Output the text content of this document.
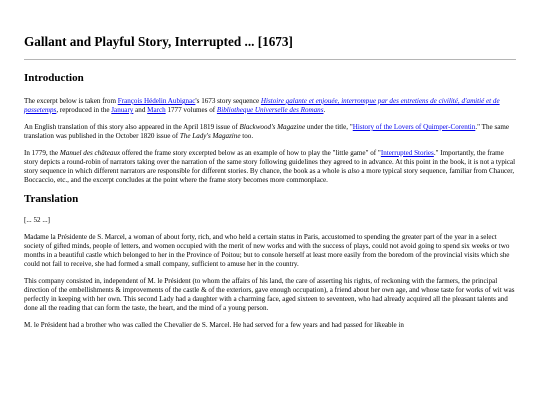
Gallant and Playful Story, Interrupted ... [1673]
Introduction

The excerpt below is taken from François Hédelin Aubignac's 1673 story sequence Histoire galante et enjouée, interrompue par des entretiens de civilité, d'amitié et de passetemps, reproduced in the January and March 1777 volumes of Bibliotheque Universelle des Romans.

An English translation of this story also appeared in the April 1819 issue of Blackwood's Magazine under the title, "History of the Lovers of Quimper-Corentin." The same translation was published in the October 1820 issue of The Lady's Magazine too.

In 1779, the Manuel des châteaux offered the frame story excerpted below as an example of how to play the "little game" of "Interrupted Stories." Importantly, the frame story depicts a round-robin of narrators taking over the narration of the same story following guidelines they agreed to in advance. At this point in the book, it is not a typical story sequence in which different narrators are responsible for different stories. By chance, the book as a whole is also a more typical story sequence, familiar from Chaucer, Boccaccio, etc., and the excerpt concludes at the point where the frame story becomes more commonplace.

Translation

[... 52 ...]

Madame la Présidente de S. Marcel, a woman of about forty, rich, and who held a certain status in Paris, accustomed to spending the greater part of the year in a select society of gifted minds, people of letters, and women occupied with the merit of new works and with the success of plays, could not avoid going to spend six weeks or two months in a beautiful castle which belonged to her in the Province of Poitou; but to console herself at least more easily from the boredom of the provincial visits which she could not fail to receive, she had formed a small company, sufficient to amuse her in the country.

This company consisted in, independent of M. le Président (to whom the affairs of his land, the care of asserting his rights, of reckoning with the farmers, the principal direction of the embellishments & improvements of the castle & of the exteriors, gave enough occupation), a friend about her own age, and whose taste for works of wit was perfectly in keeping with her own. This second Lady had a daughter with a charming face, aged sixteen to seventeen, who had already acquired all the pleasant talents and done all the reading that can form the taste, the heart, and the mind of a young person.

M. le Président had a brother who was called the Chevalier de S. Marcel. He had served for a few years and had passed for likeable in
